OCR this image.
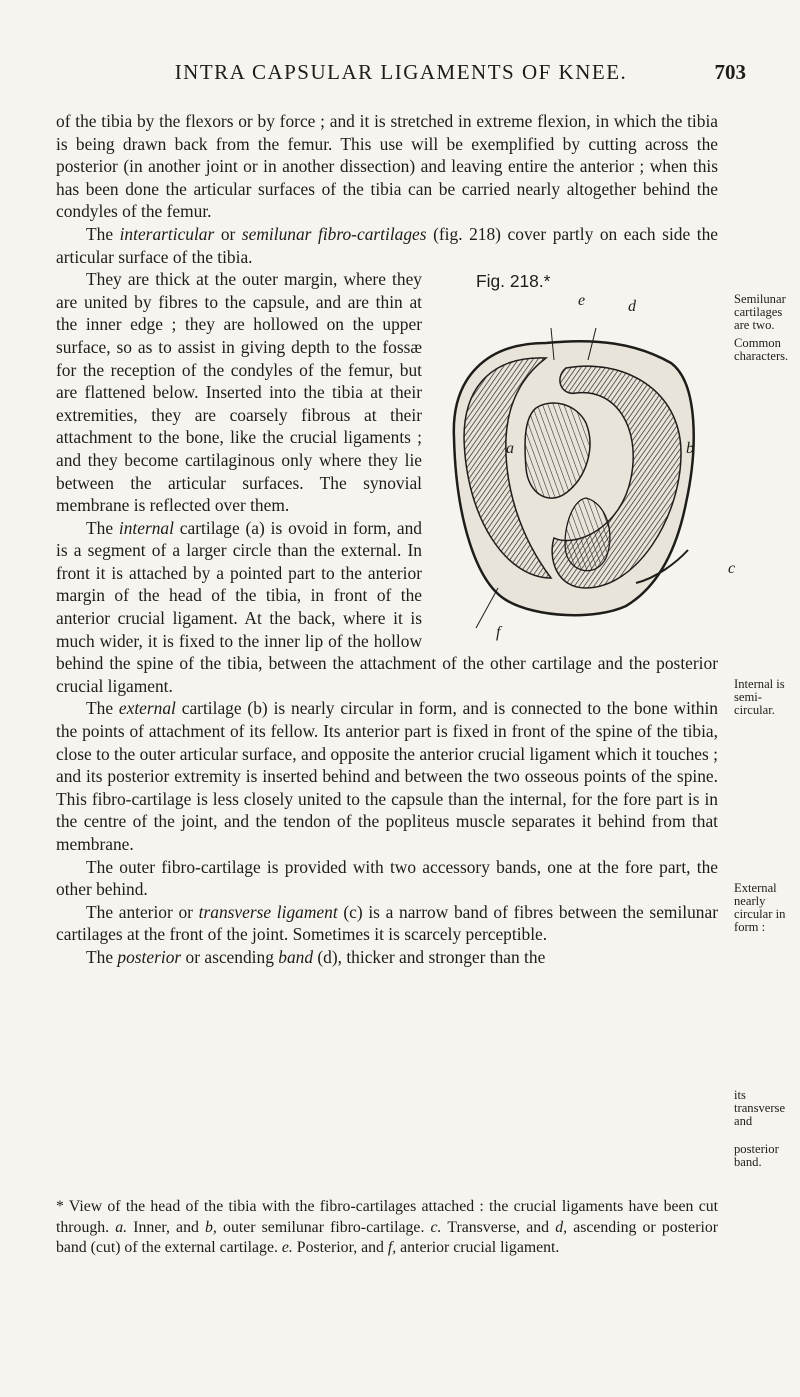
INTRA CAPSULAR LIGAMENTS OF KNEE.	703

of the tibia by the flexors or by force ; and it is stretched in extreme flexion, in which the tibia is being drawn back from the femur. This use will be exemplified by cutting across the posterior (in another joint or in another dissection) and leaving entire the anterior ; when this has been done the articular surfaces of the tibia can be carried nearly altogether behind the condyles of the femur.

The interarticular or semilunar fibro-cartilages (fig. 218) cover partly on each side the articular surface of the tibia.

Fig. 218.*
e	d
a	b
c
f
They are thick at the outer margin, where they are united by fibres to the capsule, and are thin at the inner edge ; they are hollowed on the upper surface, so as to assist in giving depth to the fossæ for the reception of the condyles of the femur, but are flattened below. Inserted into the tibia at their extremities, they are coarsely fibrous at their attachment to the bone, like the crucial ligaments ; and they become cartilaginous only where they lie between the articular surfaces. The synovial membrane is reflected over them.

The internal cartilage (a) is ovoid in form, and is a segment of a larger circle than the external. In front it is attached by a pointed part to the anterior margin of the head of the tibia, in front of the anterior crucial ligament. At the back, where it is much wider, it is fixed to the inner lip of the hollow behind the spine of the tibia, between the attachment of the other cartilage and the posterior crucial ligament.

The external cartilage (b) is nearly circular in form, and is connected to the bone within the points of attachment of its fellow. Its anterior part is fixed in front of the spine of the tibia, close to the outer articular surface, and opposite the anterior crucial ligament which it touches ; and its posterior extremity is inserted behind and between the two osseous points of the spine. This fibro-cartilage is less closely united to the capsule than the internal, for the fore part is in the centre of the joint, and the tendon of the popliteus muscle separates it behind from that membrane.

The outer fibro-cartilage is provided with two accessory bands, one at the fore part, the other behind.

The anterior or transverse ligament (c) is a narrow band of fibres between the semilunar cartilages at the front of the joint. Sometimes it is scarcely perceptible.

The posterior or ascending band (d), thicker and stronger than the

Semilunar cartilages are two.
Common characters.
Internal is semi-circular.
External nearly circular in form :
its transverse and
posterior band.
* View of the head of the tibia with the fibro-cartilages attached : the crucial ligaments have been cut through. a. Inner, and b, outer semilunar fibro-cartilage. c. Transverse, and d, ascending or posterior band (cut) of the external cartilage. e. Posterior, and f, anterior crucial ligament.
